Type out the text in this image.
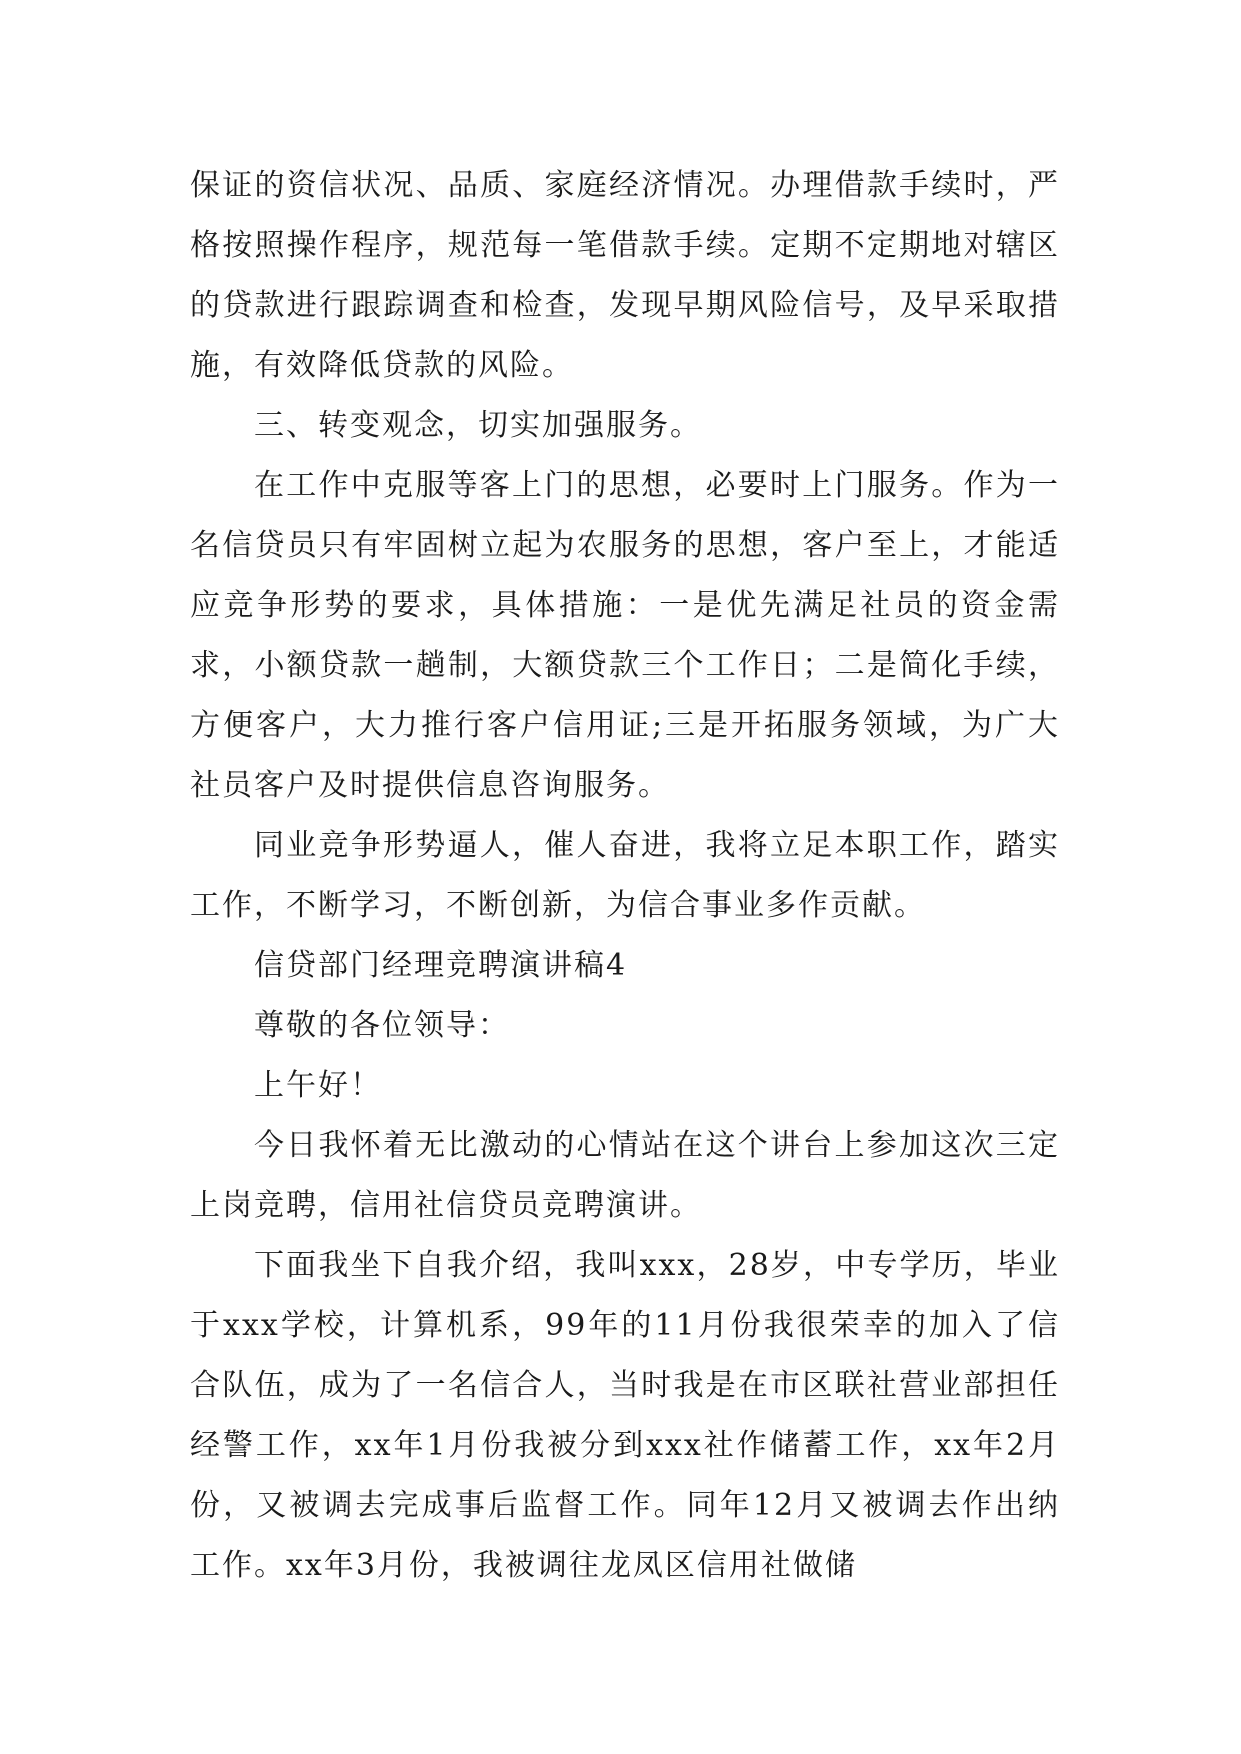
保证的资信状况、品质、家庭经济情况。办理借款手续时，严格按照操作程序，规范每一笔借款手续。定期不定期地对辖区的贷款进行跟踪调查和检查，发现早期风险信号，及早采取措施，有效降低贷款的风险。

三、转变观念，切实加强服务。

在工作中克服等客上门的思想，必要时上门服务。作为一名信贷员只有牢固树立起为农服务的思想，客户至上，才能适应竞争形势的要求，具体措施：一是优先满足社员的资金需求，小额贷款一趟制，大额贷款三个工作日；二是简化手续，方便客户，大力推行客户信用证;三是开拓服务领域，为广大社员客户及时提供信息咨询服务。

同业竞争形势逼人，催人奋进，我将立足本职工作，踏实工作，不断学习，不断创新，为信合事业多作贡献。

信贷部门经理竞聘演讲稿4

尊敬的各位领导：

上午好！

今日我怀着无比激动的心情站在这个讲台上参加这次三定上岗竞聘，信用社信贷员竞聘演讲。

下面我坐下自我介绍，我叫xxx，28岁，中专学历，毕业于xxx学校，计算机系，99年的11月份我很荣幸的加入了信合队伍，成为了一名信合人，当时我是在市区联社营业部担任经警工作，xx年1月份我被分到xxx社作储蓄工作，xx年2月份，又被调去完成事后监督工作。同年12月又被调去作出纳工作。xx年3月份，我被调往龙凤区信用社做储
